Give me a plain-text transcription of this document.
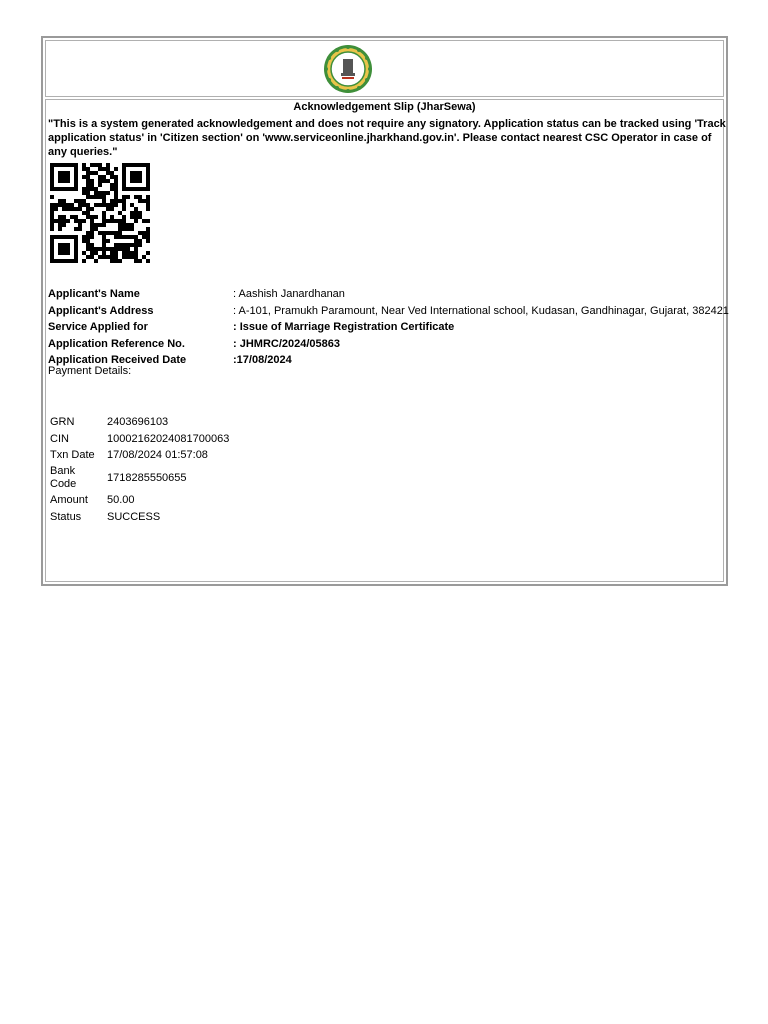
Acknowledgement Slip (JharSewa)
"This is a system generated acknowledgement and does not require any signatory. Application status can be tracked using 'Track application status' in 'Citizen section' on 'www.serviceonline.jharkhand.gov.in'. Please contact nearest CSC Operator in case of any queries."
Applicant's Name	: Aashish Janardhanan
Applicant's Address	: A-101, Pramukh Paramount, Near Ved International school, Kudasan, Gandhinagar, Gujarat, 382421
Service Applied for	: Issue of Marriage Registration Certificate
Application Reference No.	: JHMRC/2024/05863
Application Received Date	:17/08/2024
Payment Details:
GRN	2403696103
CIN	10002162024081700063
Txn Date 17/08/2024 01:57:08
Bank Code	1718285550655
Amount 50.00
Status SUCCESS
